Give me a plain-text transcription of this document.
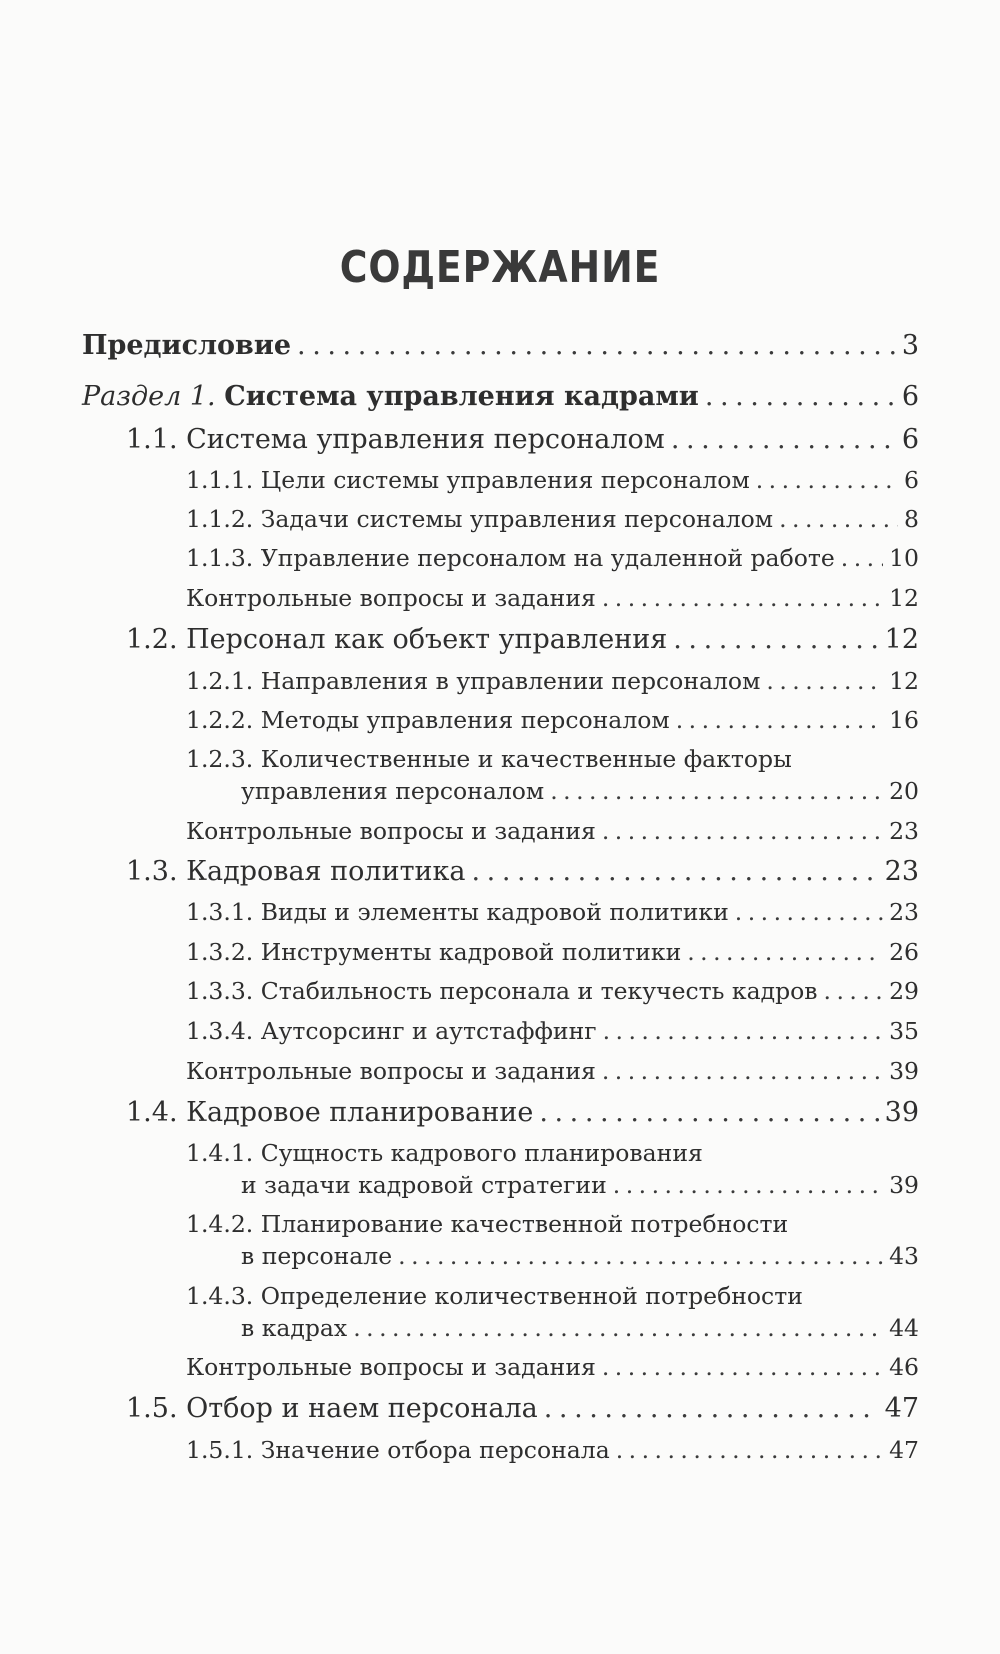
СОДЕРЖАНИЕ
Предисловие . . .	3
Раздел 1. Система управления кадрами . . .	6
1.1. Система управления персоналом . . .	6
1.1.1. Цели системы управления персоналом . . .	6
1.1.2. Задачи системы управления персоналом . . .	8
1.1.3. Управление персоналом на удаленной работе . . . 10
Контрольные вопросы и задания . . .	12
1.2. Персонал как объект управления . . .	12
1.2.1. Направления в управлении персоналом . . .	12
1.2.2. Методы управления персоналом . . .	16
1.2.3. Количественные и качественные факторы
управления персоналом . . .	20
Контрольные вопросы и задания . . .	23
1.3. Кадровая политика . . .	23
1.3.1. Виды и элементы кадровой политики . . .	23
1.3.2. Инструменты кадровой политики . . .	26
1.3.3. Стабильность персонала и текучесть кадров . . .	29
1.3.4. Аутсорсинг и аутстаффинг . . .	35
Контрольные вопросы и задания . . .	39
1.4. Кадровое планирование . . .	39
1.4.1. Сущность кадрового планирования
и задачи кадровой стратегии . . .	39
1.4.2. Планирование качественной потребности
в персонале . . .	43
1.4.3. Определение количественной потребности
в кадрах . . .	44
Контрольные вопросы и задания . . .	46
1.5. Отбор и наем персонала . . .	47
1.5.1. Значение отбора персонала . . .	47
